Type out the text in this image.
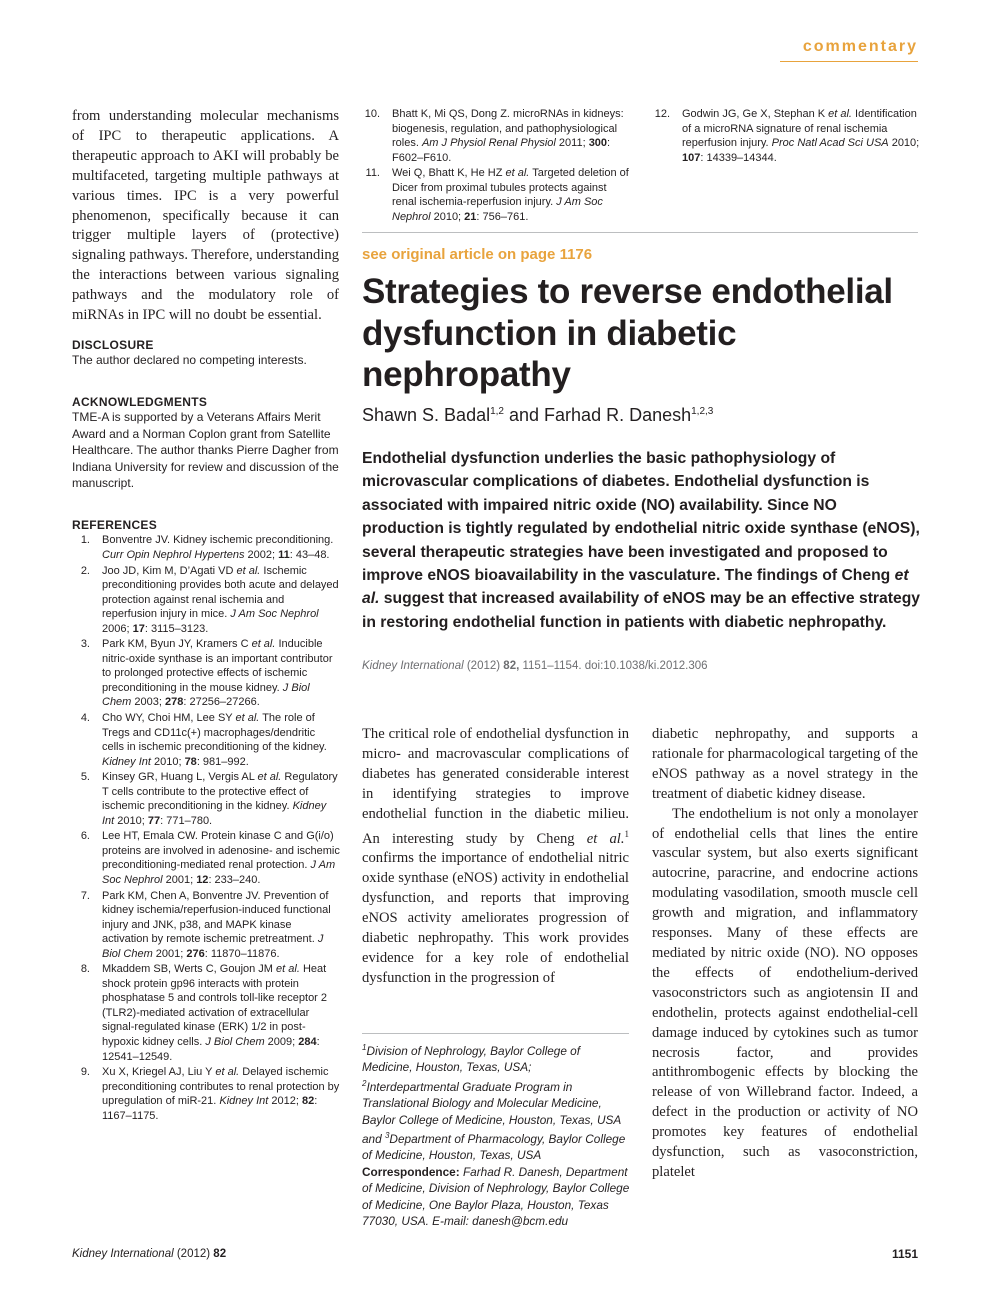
commentary

from understanding molecular mechanisms of IPC to therapeutic applications. A therapeutic approach to AKI will probably be multifaceted, targeting multiple pathways at various times. IPC is a very powerful phenomenon, specifically because it can trigger multiple layers of (protective) signaling pathways. Therefore, understanding the interactions between various signaling pathways and the modulatory role of miRNAs in IPC will no doubt be essential.

DISCLOSURE

The author declared no competing interests.

ACKNOWLEDGMENTS

TME-A is supported by a Veterans Affairs Merit Award and a Norman Coplon grant from Satellite Healthcare. The author thanks Pierre Dagher from Indiana University for review and discussion of the manuscript.

REFERENCES

1. Bonventre JV. Kidney ischemic preconditioning. Curr Opin Nephrol Hypertens 2002; 11: 43–48.
2. Joo JD, Kim M, D’Agati VD et al. Ischemic preconditioning provides both acute and delayed protection against renal ischemia and reperfusion injury in mice. J Am Soc Nephrol 2006; 17: 3115–3123.
3. Park KM, Byun JY, Kramers C et al. Inducible nitric-oxide synthase is an important contributor to prolonged protective effects of ischemic preconditioning in the mouse kidney. J Biol Chem 2003; 278: 27256–27266.
4. Cho WY, Choi HM, Lee SY et al. The role of Tregs and CD11c(+) macrophages/dendritic cells in ischemic preconditioning of the kidney. Kidney Int 2010; 78: 981–992.
5. Kinsey GR, Huang L, Vergis AL et al. Regulatory T cells contribute to the protective effect of ischemic preconditioning in the kidney. Kidney Int 2010; 77: 771–780.
6. Lee HT, Emala CW. Protein kinase C and G(i/o) proteins are involved in adenosine- and ischemic preconditioning-mediated renal protection. J Am Soc Nephrol 2001; 12: 233–240.
7. Park KM, Chen A, Bonventre JV. Prevention of kidney ischemia/reperfusion-induced functional injury and JNK, p38, and MAPK kinase activation by remote ischemic pretreatment. J Biol Chem 2001; 276: 11870–11876.
8. Mkaddem SB, Werts C, Goujon JM et al. Heat shock protein gp96 interacts with protein phosphatase 5 and controls toll-like receptor 2 (TLR2)-mediated activation of extracellular signal-regulated kinase (ERK) 1/2 in post-hypoxic kidney cells. J Biol Chem 2009; 284: 12541–12549.
9. Xu X, Kriegel AJ, Liu Y et al. Delayed ischemic preconditioning contributes to renal protection by upregulation of miR-21. Kidney Int 2012; 82: 1167–1175.
10. Bhatt K, Mi QS, Dong Z. microRNAs in kidneys: biogenesis, regulation, and pathophysiological roles. Am J Physiol Renal Physiol 2011; 300: F602–F610.
11. Wei Q, Bhatt K, He HZ et al. Targeted deletion of Dicer from proximal tubules protects against renal ischemia-reperfusion injury. J Am Soc Nephrol 2010; 21: 756–761.
12. Godwin JG, Ge X, Stephan K et al. Identification of a microRNA signature of renal ischemia reperfusion injury. Proc Natl Acad Sci USA 2010; 107: 14339–14344.
see original article on page 1176

Strategies to reverse endothelial

dysfunction in diabetic

nephropathy

Shawn S. Badal$^{1,2}$ and Farhad R. Danesh$^{1,2,3}$

Endothelial dysfunction underlies the basic pathophysiology of microvascular complications of diabetes. Endothelial dysfunction is associated with impaired nitric oxide (NO) availability. Since NO production is tightly regulated by endothelial nitric oxide synthase (eNOS), several therapeutic strategies have been investigated and proposed to improve eNOS bioavailability in the vasculature. The findings of Cheng et al. suggest that increased availability of eNOS may be an effective strategy in restoring endothelial function in patients with diabetic nephropathy.

Kidney International (2012) 82, 1151–1154. doi:10.1038/ki.2012.306

The critical role of endothelial dysfunction in micro- and macrovascular complications of diabetes has generated considerable interest in identifying strategies to improve endothelial function in the diabetic milieu. An interesting study by Cheng et al.$^1$ confirms the importance of endothelial nitric oxide synthase (eNOS) activity in endothelial dysfunction, and reports that improving eNOS activity ameliorates progression of diabetic nephropathy. This work provides evidence for a key role of endothelial dysfunction in the progression of

$^1$Division of Nephrology, Baylor College of Medicine, Houston, Texas, USA;
$^2$Interdepartmental Graduate Program in Translational Biology and Molecular Medicine, Baylor College of Medicine, Houston, Texas, USA and $^3$Department of Pharmacology, Baylor College of Medicine, Houston, Texas, USA
Correspondence: Farhad R. Danesh, Department of Medicine, Division of Nephrology, Baylor College of Medicine, One Baylor Plaza, Houston, Texas 77030, USA. E-mail: danesh@bcm.edu

diabetic nephropathy, and supports a rationale for pharmacological targeting of the eNOS pathway as a novel strategy in the treatment of diabetic kidney disease.

The endothelium is not only a monolayer of endothelial cells that lines the entire vascular system, but also exerts significant autocrine, paracrine, and endocrine actions modulating vasodilation, smooth muscle cell growth and migration, and inflammatory responses. Many of these effects are mediated by nitric oxide (NO). NO opposes the effects of endothelium-derived vasoconstrictors such as angiotensin II and endothelin, protects against endothelial-cell damage induced by cytokines such as tumor necrosis factor, and provides antithrombogenic effects by blocking the release of von Willebrand factor. Indeed, a defect in the production or activity of NO promotes key features of endothelial dysfunction, such as vasoconstriction, platelet

Kidney International (2012) 82	1151
